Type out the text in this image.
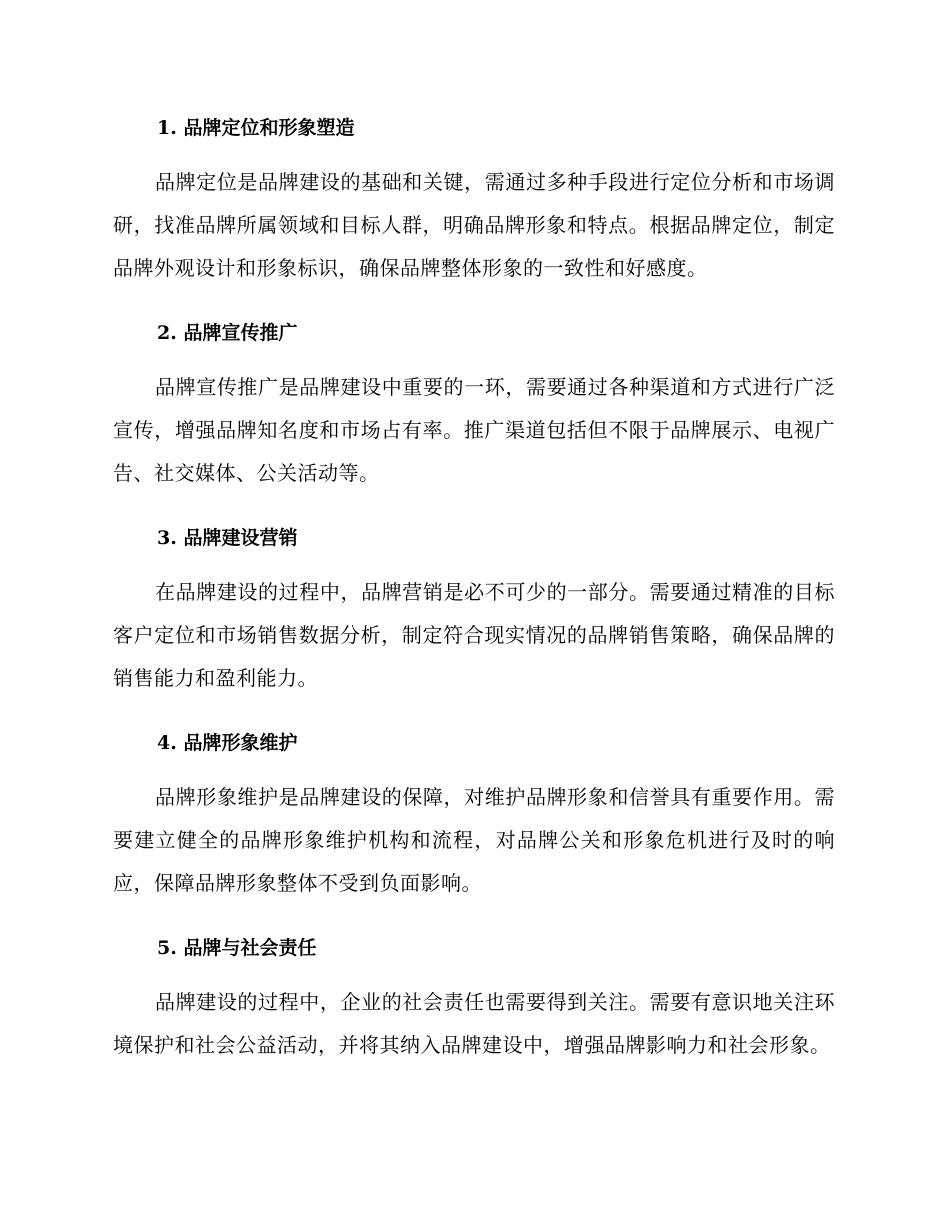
1. 品牌定位和形象塑造

品牌定位是品牌建设的基础和关键，需通过多种手段进行定位分析和市场调研，找准品牌所属领域和目标人群，明确品牌形象和特点。根据品牌定位，制定品牌外观设计和形象标识，确保品牌整体形象的一致性和好感度。

2. 品牌宣传推广

品牌宣传推广是品牌建设中重要的一环，需要通过各种渠道和方式进行广泛宣传，增强品牌知名度和市场占有率。推广渠道包括但不限于品牌展示、电视广告、社交媒体、公关活动等。

3. 品牌建设营销

在品牌建设的过程中，品牌营销是必不可少的一部分。需要通过精准的目标客户定位和市场销售数据分析，制定符合现实情况的品牌销售策略，确保品牌的销售能力和盈利能力。

4. 品牌形象维护

品牌形象维护是品牌建设的保障，对维护品牌形象和信誉具有重要作用。需要建立健全的品牌形象维护机构和流程，对品牌公关和形象危机进行及时的响应，保障品牌形象整体不受到负面影响。

5. 品牌与社会责任

品牌建设的过程中，企业的社会责任也需要得到关注。需要有意识地关注环境保护和社会公益活动，并将其纳入品牌建设中，增强品牌影响力和社会形象。
